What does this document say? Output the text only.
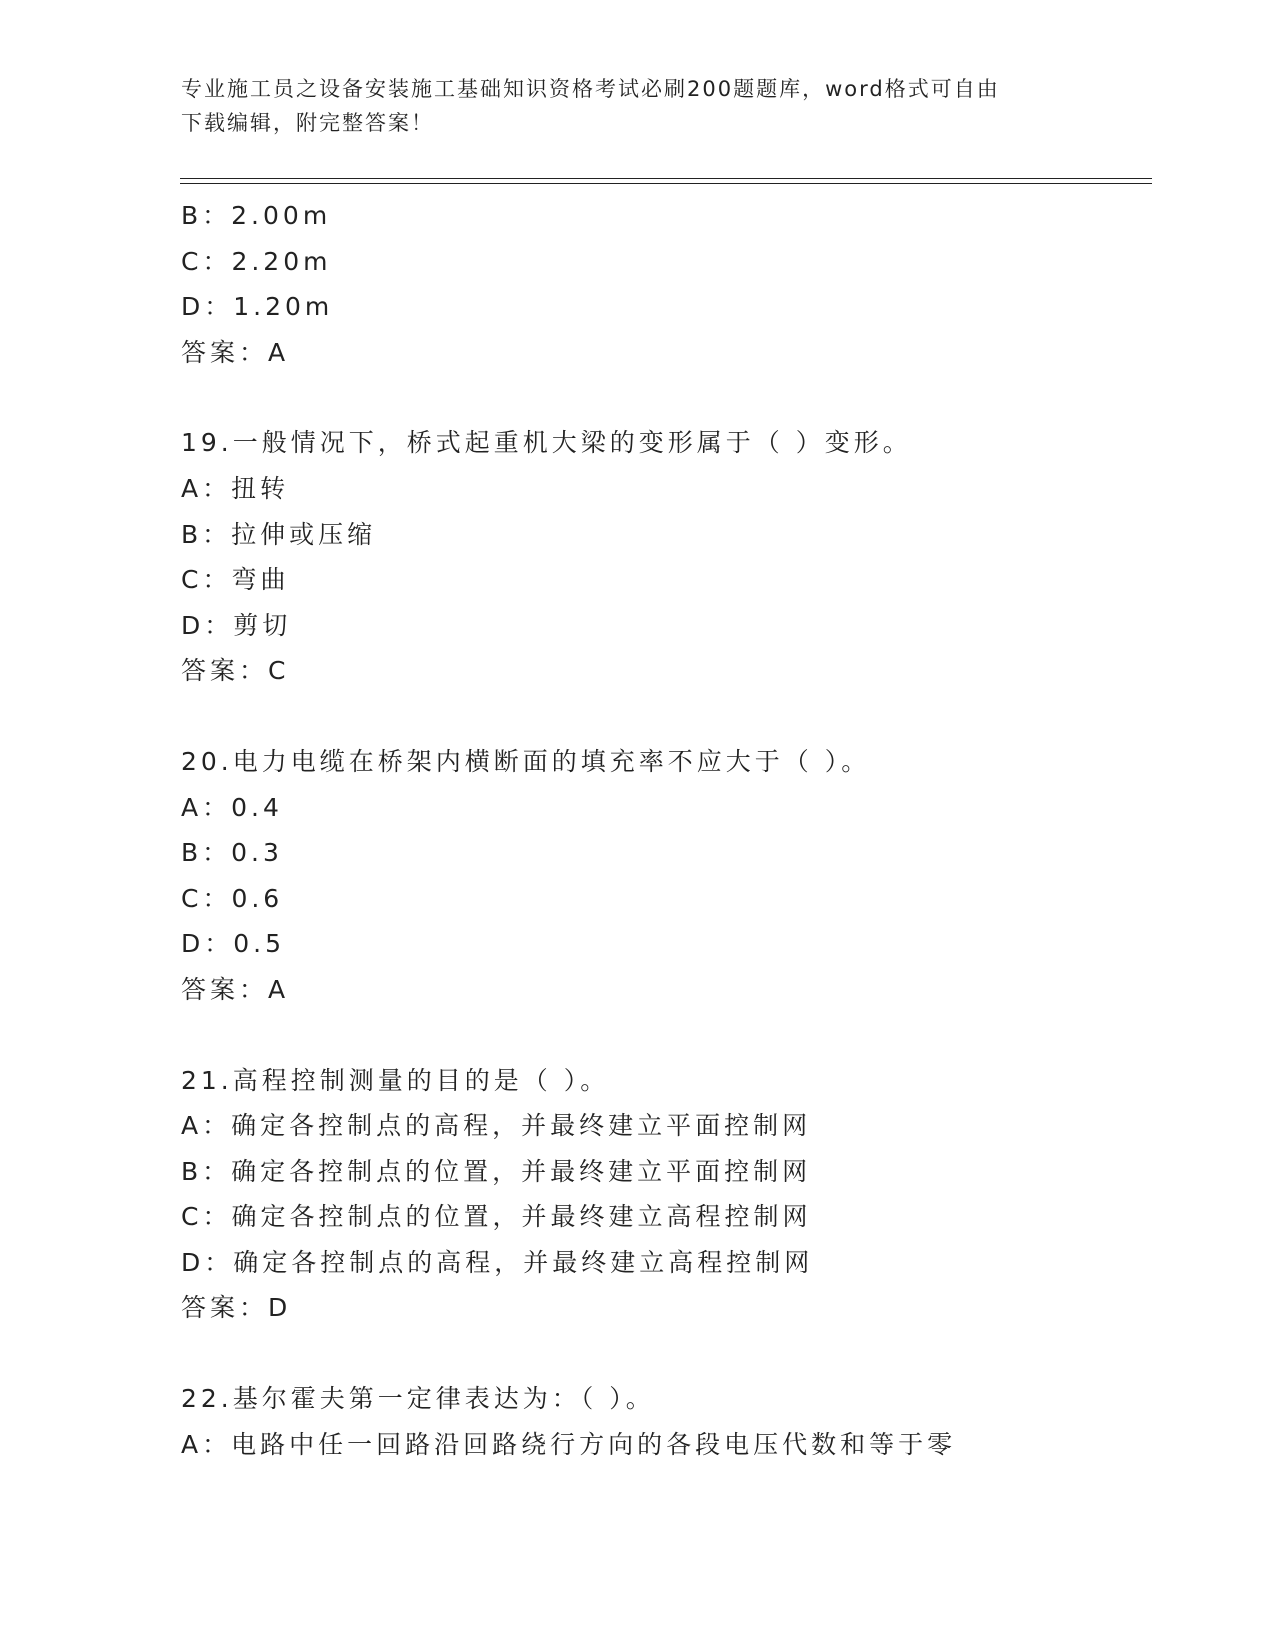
专业施工员之设备安装施工基础知识资格考试必刷200题题库，word格式可自由
下载编辑，附完整答案！
B：2.00m
C：2.20m
D：1.20m
答案：A
19.一般情况下，桥式起重机大梁的变形属于（ ）变形。
A：扭转
B：拉伸或压缩
C：弯曲
D：剪切
答案：C
20.电力电缆在桥架内横断面的填充率不应大于（ ）。
A：0.4
B：0.3
C：0.6
D：0.5
答案：A
21.高程控制测量的目的是（ ）。
A：确定各控制点的高程，并最终建立平面控制网
B：确定各控制点的位置，并最终建立平面控制网
C：确定各控制点的位置，并最终建立高程控制网
D：确定各控制点的高程，并最终建立高程控制网
答案：D
22.基尔霍夫第一定律表达为：（ ）。
A：电路中任一回路沿回路绕行方向的各段电压代数和等于零
